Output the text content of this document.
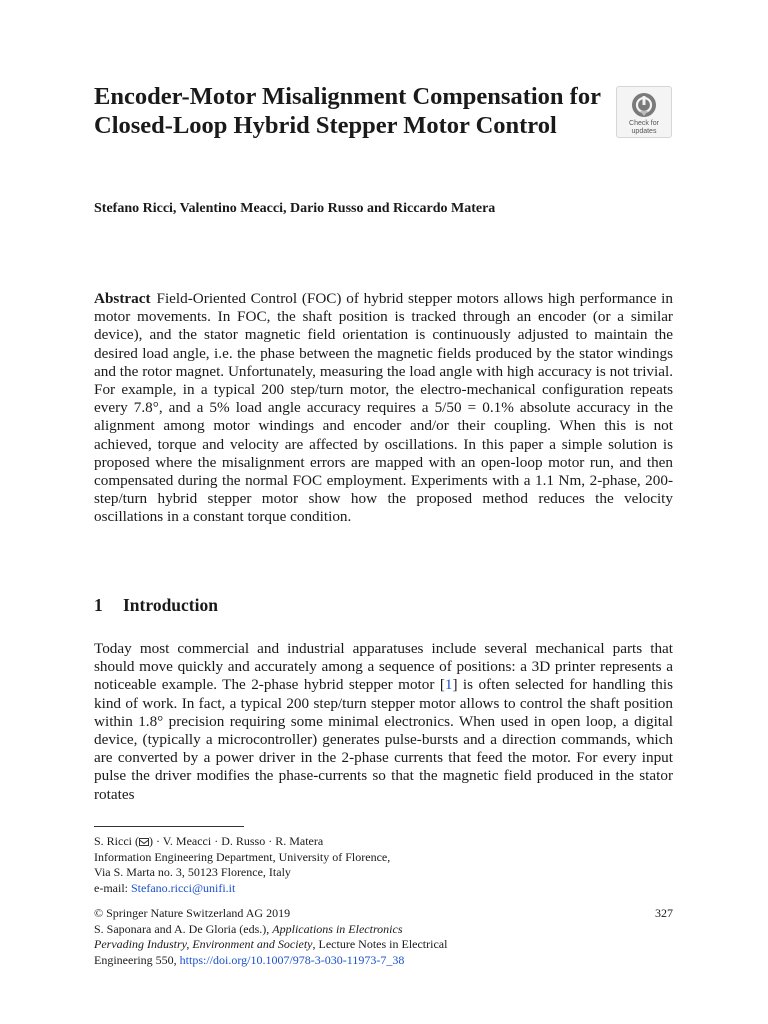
Encoder-Motor Misalignment Compensation for Closed-Loop Hybrid Stepper Motor Control	Check for
updates

Stefano Ricci, Valentino Meacci, Dario Russo and Riccardo Matera

Abstract Field-Oriented Control (FOC) of hybrid stepper motors allows high performance in motor movements. In FOC, the shaft position is tracked through an encoder (or a similar device), and the stator magnetic field orientation is continuously adjusted to maintain the desired load angle, i.e. the phase between the magnetic fields produced by the stator windings and the rotor magnet. Unfortunately, measuring the load angle with high accuracy is not trivial. For example, in a typical 200 step/turn motor, the electro-mechanical configuration repeats every 7.8°, and a 5% load angle accuracy requires a 5/50 = 0.1% absolute accuracy in the alignment among motor windings and encoder and/or their coupling. When this is not achieved, torque and velocity are affected by oscillations. In this paper a simple solution is proposed where the misalignment errors are mapped with an open-loop motor run, and then compensated during the normal FOC employment. Experiments with a 1.1 Nm, 2-phase, 200-step/turn hybrid stepper motor show how the proposed method reduces the velocity oscillations in a constant torque condition.

1 Introduction

Today most commercial and industrial apparatuses include several mechanical parts that should move quickly and accurately among a sequence of positions: a 3D printer represents a noticeable example. The 2-phase hybrid stepper motor [1] is often selected for handling this kind of work. In fact, a typical 200 step/turn stepper motor allows to control the shaft position within 1.8° precision requiring some minimal electronics. When used in open loop, a digital device, (typically a microcontroller) generates pulse-bursts and a direction commands, which are converted by a power driver in the 2-phase currents that feed the motor. For every input pulse the driver modifies the phase-currents so that the magnetic field produced in the stator rotates

S. Ricci ( ) · V. Meacci · D. Russo · R. Matera
Information Engineering Department, University of Florence,
Via S. Marta no. 3, 50123 Florence, Italy
e-mail: Stefano.ricci@unifi.it
© Springer Nature Switzerland AG 2019	327
S. Saponara and A. De Gloria (eds.), Applications in Electronics
Pervading Industry, Environment and Society, Lecture Notes in Electrical
Engineering 550, https://doi.org/10.1007/978-3-030-11973-7_38
